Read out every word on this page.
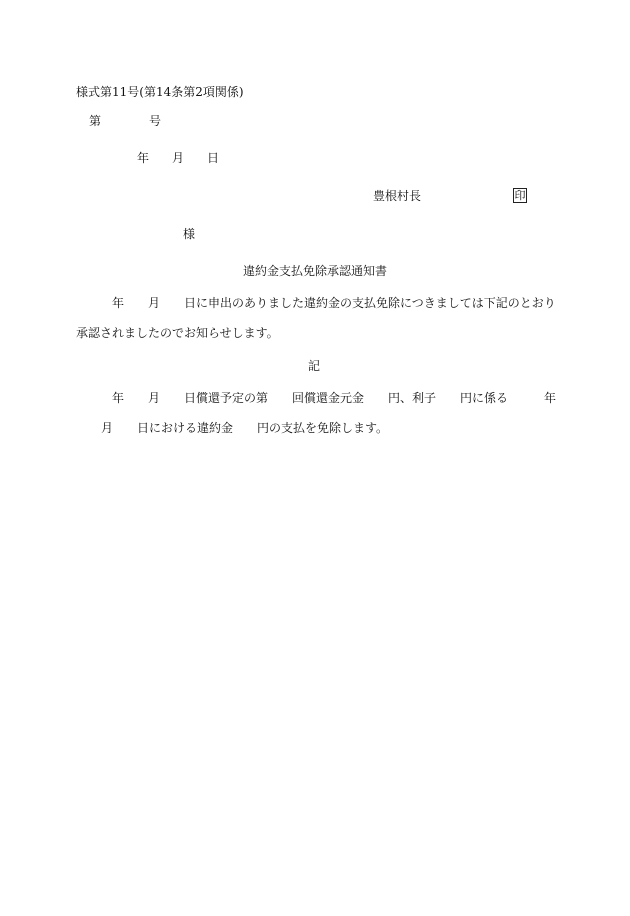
様式第11号(第14条第2項関係)
第	号
年 月 日
豊根村長	印
様
違約金支払免除承認通知書
年　　月　　日に申出のありました違約金の支払免除につきましては下記のとおり
承認されましたのでお知らせします。
記
年　　月　　日償還予定の第　　回償還金元金　　円、利子　　円に係る　　　年
月　　日における違約金　　円の支払を免除します。
